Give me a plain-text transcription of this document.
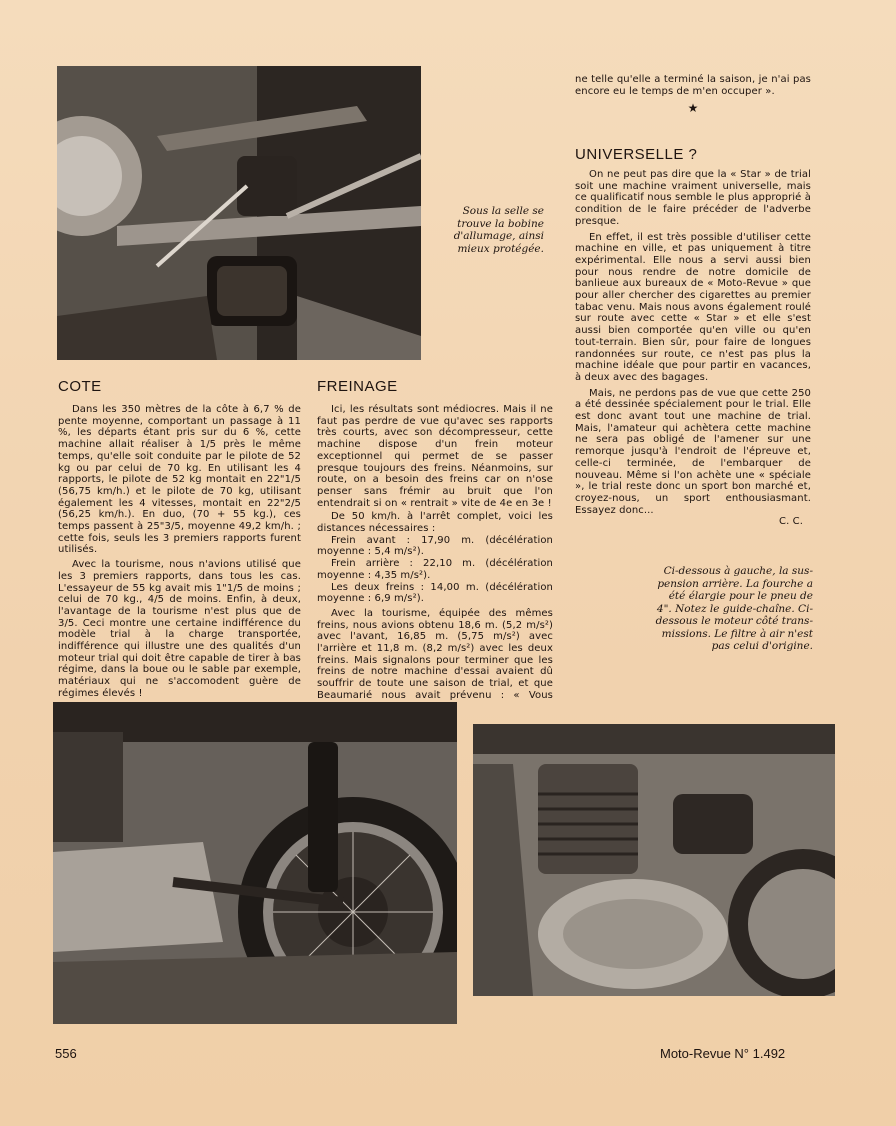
Sous la selle se trouve la bobine d'allumage, ainsi mieux protégée.

ne telle qu'elle a terminé la saison, je n'ai pas encore eu le temps de m'en occuper ».

★
UNIVERSELLE ?

On ne peut pas dire que la « Star » de trial soit une machine vraiment universelle, mais ce qualificatif nous semble le plus approprié à condition de le faire précéder de l'adverbe presque.

En effet, il est très possible d'utiliser cette machine en ville, et pas uniquement à titre expérimental. Elle nous a servi aussi bien pour nous rendre de notre domicile de banlieue aux bureaux de « Moto-Revue » que pour aller chercher des cigarettes au premier tabac venu. Mais nous avons également roulé sur route avec cette « Star » et elle s'est aussi bien comportée qu'en ville ou qu'en tout-terrain. Bien sûr, pour faire de longues randonnées sur route, ce n'est pas plus la machine idéale que pour partir en vacances, à deux avec des bagages.

Mais, ne perdons pas de vue que cette 250 a été dessinée spécialement pour le trial. Elle est donc avant tout une machine de trial. Mais, l'amateur qui achètera cette machine ne sera pas obligé de l'amener sur une remorque jusqu'à l'endroit de l'épreuve et, celle-ci terminée, de l'embarquer de nouveau. Même si l'on achète une « spéciale », le trial reste donc un sport bon marché et, croyez-nous, un sport enthousiasmant. Essayez donc...

C. C.
Ci-dessous à gauche, la sus-
pension arrière. La fourche a
été élargie pour le pneu de
4". Notez le guide-chaîne. Ci-
dessous le moteur côté trans-
missions. Le filtre à air n'est
pas celui d'origine.
COTE

Dans les 350 mètres de la côte à 6,7 % de pente moyenne, comportant un passage à 11 %, les départs étant pris sur du 6 %, cette machine allait réaliser à 1/5 près le même temps, qu'elle soit conduite par le pilote de 52 kg ou par celui de 70 kg. En utilisant les 4 rapports, le pilote de 52 kg montait en 22"1/5 (56,75 km/h.) et le pilote de 70 kg, utilisant également les 4 vitesses, montait en 22"2/5 (56,25 km/h.). En duo, (70 + 55 kg.), ces temps passent à 25"3/5, moyenne 49,2 km/h. ; cette fois, seuls les 3 premiers rapports furent utilisés.

Avec la tourisme, nous n'avions utilisé que les 3 premiers rapports, dans tous les cas. L'essayeur de 55 kg avait mis 1"1/5 de moins ; celui de 70 kg., 4/5 de moins. Enfin, à deux, l'avantage de la tourisme n'est plus que de 3/5. Ceci montre une certaine indifférence du modèle trial à la charge transportée, indifférence qui illustre une des qualités d'un moteur trial qui doit être capable de tirer à bas régime, dans la boue ou le sable par exemple, matériaux qui ne s'accomodent guère de régimes élevés !

FREINAGE

Ici, les résultats sont médiocres. Mais il ne faut pas perdre de vue qu'avec ses rapports très courts, avec son décompresseur, cette machine dispose d'un frein moteur exceptionnel qui permet de se passer presque toujours des freins. Néanmoins, sur route, on a besoin des freins car on n'ose penser sans frémir au bruit que l'on entendrait si on « rentrait » vite de 4e en 3e !

De 50 km/h. à l'arrêt complet, voici les distances nécessaires :

Frein avant : 17,90 m. (décélération moyenne : 5,4 m/s²).

Frein arrière : 22,10 m. (décélération moyenne : 4,35 m/s²).

Les deux freins : 14,00 m. (décélération moyenne : 6,9 m/s²).

Avec la tourisme, équipée des mêmes freins, nous avions obtenu 18,6 m. (5,2 m/s²) avec l'avant, 16,85 m. (5,75 m/s²) avec l'arrière et 11,8 m. (8,2 m/s²) avec les deux freins. Mais signalons pour terminer que les freins de notre machine d'essai avaient dû souffrir de toute une saison de trial, et que Beaumarié nous avait prévenu : « Vous

556	Moto-Revue N° 1.492
